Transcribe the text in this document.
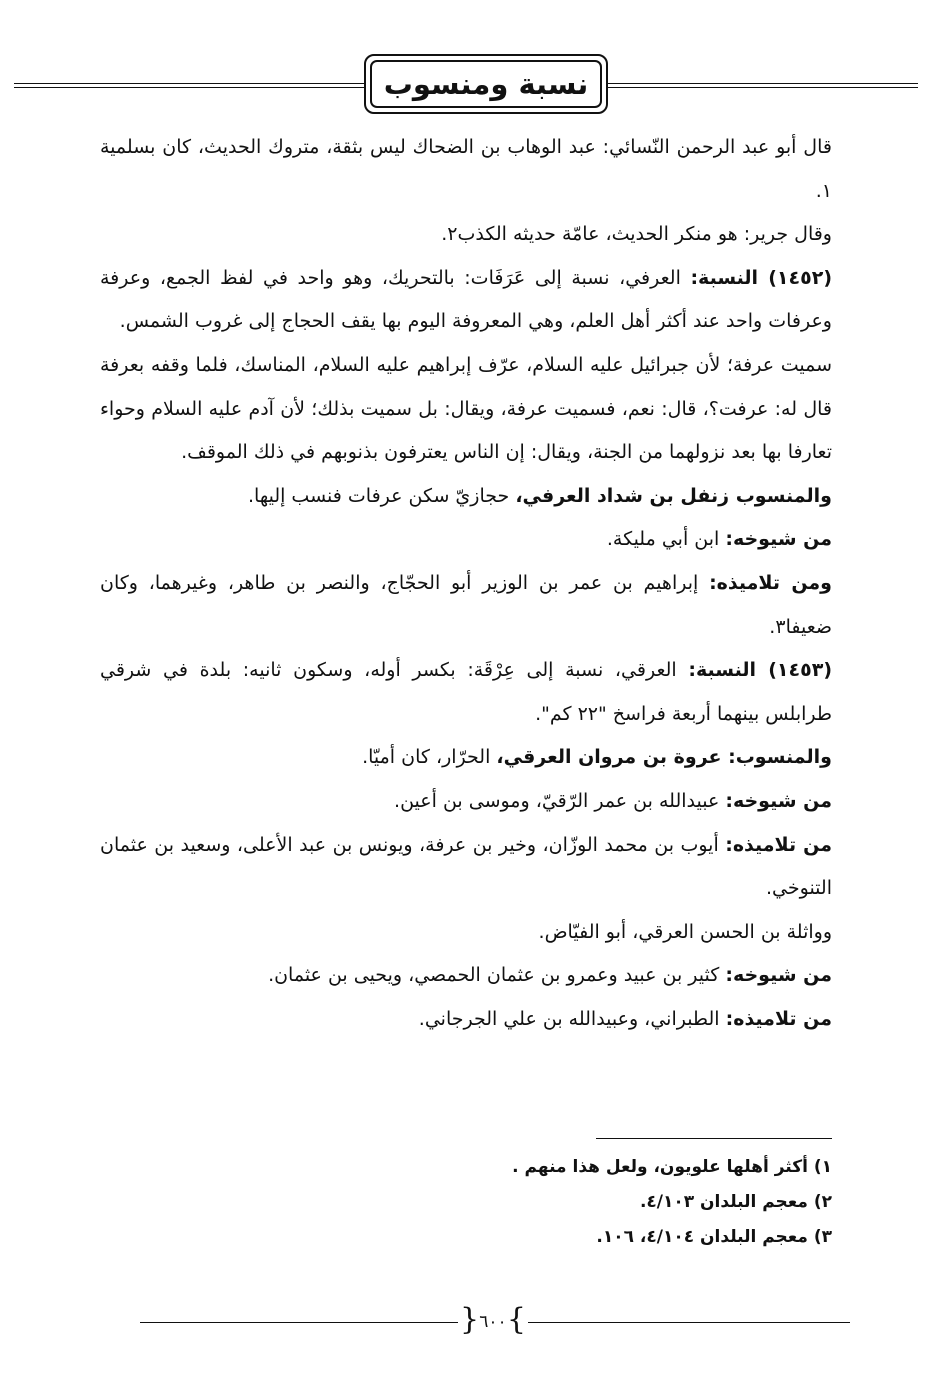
نسبة ومنسوب

قال أبو عبد الرحمن النّسائي: عبد الوهاب بن الضحاك ليس بثقة، متروك الحديث، كان بسلمية ١.

وقال جرير: هو منكر الحديث، عامّة حديثه الكذب٢.

(١٤٥٢) النسبة: العرفي، نسبة إلى عَرَفَات: بالتحريك، وهو واحد في لفظ الجمع، وعرفة وعرفات واحد عند أكثر أهل العلم، وهي المعروفة اليوم بها يقف الحجاج إلى غروب الشمس.

سميت عرفة؛ لأن جبرائيل عليه السلام، عرّف إبراهيم عليه السلام، المناسك، فلما وقفه بعرفة قال له: عرفت؟، قال: نعم، فسميت عرفة، ويقال: بل سميت بذلك؛ لأن آدم عليه السلام وحواء تعارفا بها بعد نزولهما من الجنة، ويقال: إن الناس يعترفون بذنوبهم في ذلك الموقف.

والمنسوب زنفل بن شداد العرفي، حجازيّ سكن عرفات فنسب إليها.

من شيوخه: ابن أبي مليكة.

ومن تلاميذه: إبراهيم بن عمر بن الوزير أبو الحجّاج، والنصر بن طاهر، وغيرهما، وكان ضعيفا٣.

(١٤٥٣) النسبة: العرقي، نسبة إلى عِرْقَة: بكسر أوله، وسكون ثانيه: بلدة في شرقي طرابلس بينهما أربعة فراسخ "٢٢ كم".

والمنسوب: عروة بن مروان العرقي، الحرّار، كان أميّا.

من شيوخه: عبيدالله بن عمر الرّقيّ، وموسى بن أعين.

من تلاميذه: أيوب بن محمد الوزّان، وخير بن عرفة، ويونس بن عبد الأعلى، وسعيد بن عثمان التنوخي.

وواثلة بن الحسن العرقي، أبو الفيّاض.

من شيوخه: كثير بن عبيد وعمرو بن عثمان الحمصي، ويحيى بن عثمان.

من تلاميذه: الطبراني، وعبيدالله بن علي الجرجاني.

١) أكثر أهلها علويون، ولعل هذا منهم .
٢) معجم البلدان ٤/١٠٣.
٣) معجم البلدان ٤/١٠٤، ١٠٦.
{ ٦٠٠ }
